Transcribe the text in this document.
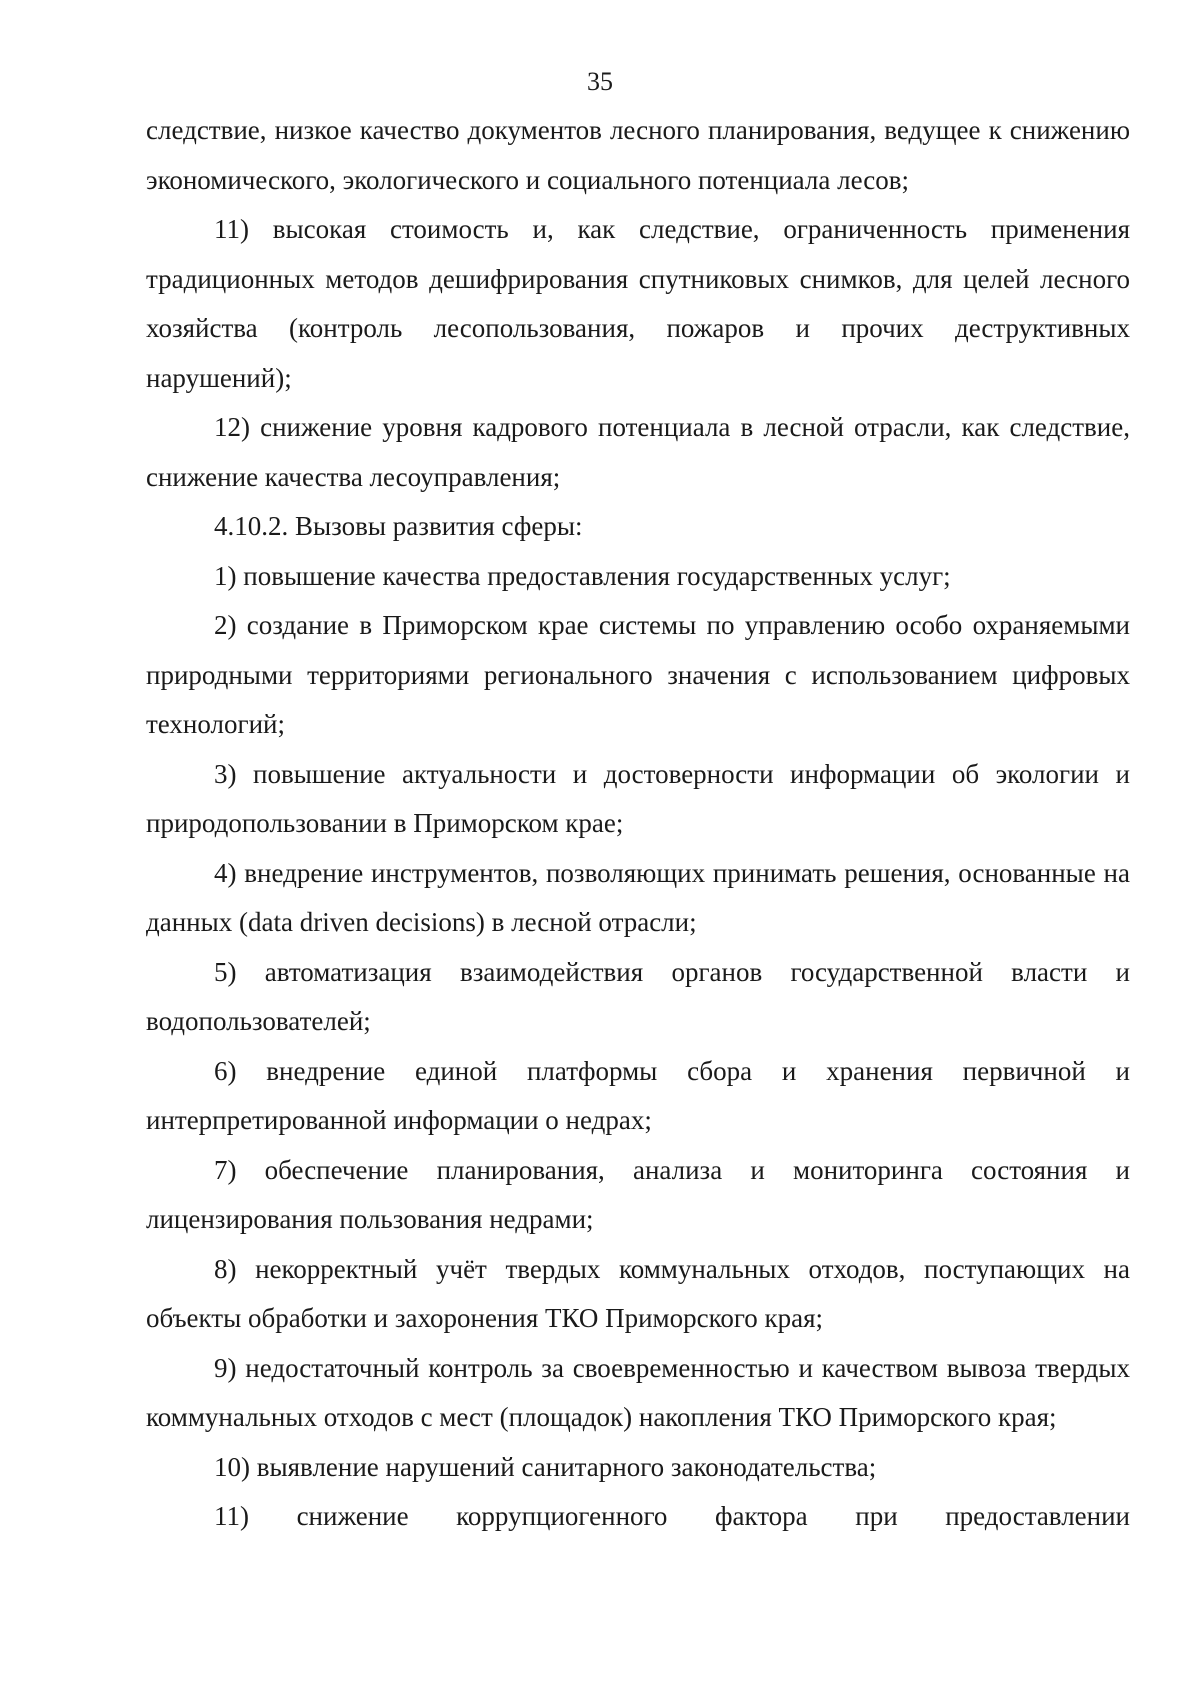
35

следствие, низкое качество документов лесного планирования, ведущее к снижению экономического, экологического и социального потенциала лесов;

11) высокая стоимость и, как следствие, ограниченность применения традиционных методов дешифрирования спутниковых снимков, для целей лесного хозяйства (контроль лесопользования, пожаров и прочих деструктивных нарушений);

12) снижение уровня кадрового потенциала в лесной отрасли, как следствие, снижение качества лесоуправления;

4.10.2. Вызовы развития сферы:

1) повышение качества предоставления государственных услуг;

2) создание в Приморском крае системы по управлению особо охраняемыми природными территориями регионального значения с использованием цифровых технологий;

3) повышение актуальности и достоверности информации об экологии и природопользовании в Приморском крае;

4) внедрение инструментов, позволяющих принимать решения, основанные на данных (data driven decisions) в лесной отрасли;

5) автоматизация взаимодействия органов государственной власти и водопользователей;

6) внедрение единой платформы сбора и хранения первичной и интерпретированной информации о недрах;

7) обеспечение планирования, анализа и мониторинга состояния и лицензирования пользования недрами;

8) некорректный учёт твердых коммунальных отходов, поступающих на объекты обработки и захоронения ТКО Приморского края;

9) недостаточный контроль за своевременностью и качеством вывоза твердых коммунальных отходов с мест (площадок) накопления ТКО Приморского края;

10) выявление нарушений санитарного законодательства;

11) снижение коррупциогенного фактора при предоставлении
